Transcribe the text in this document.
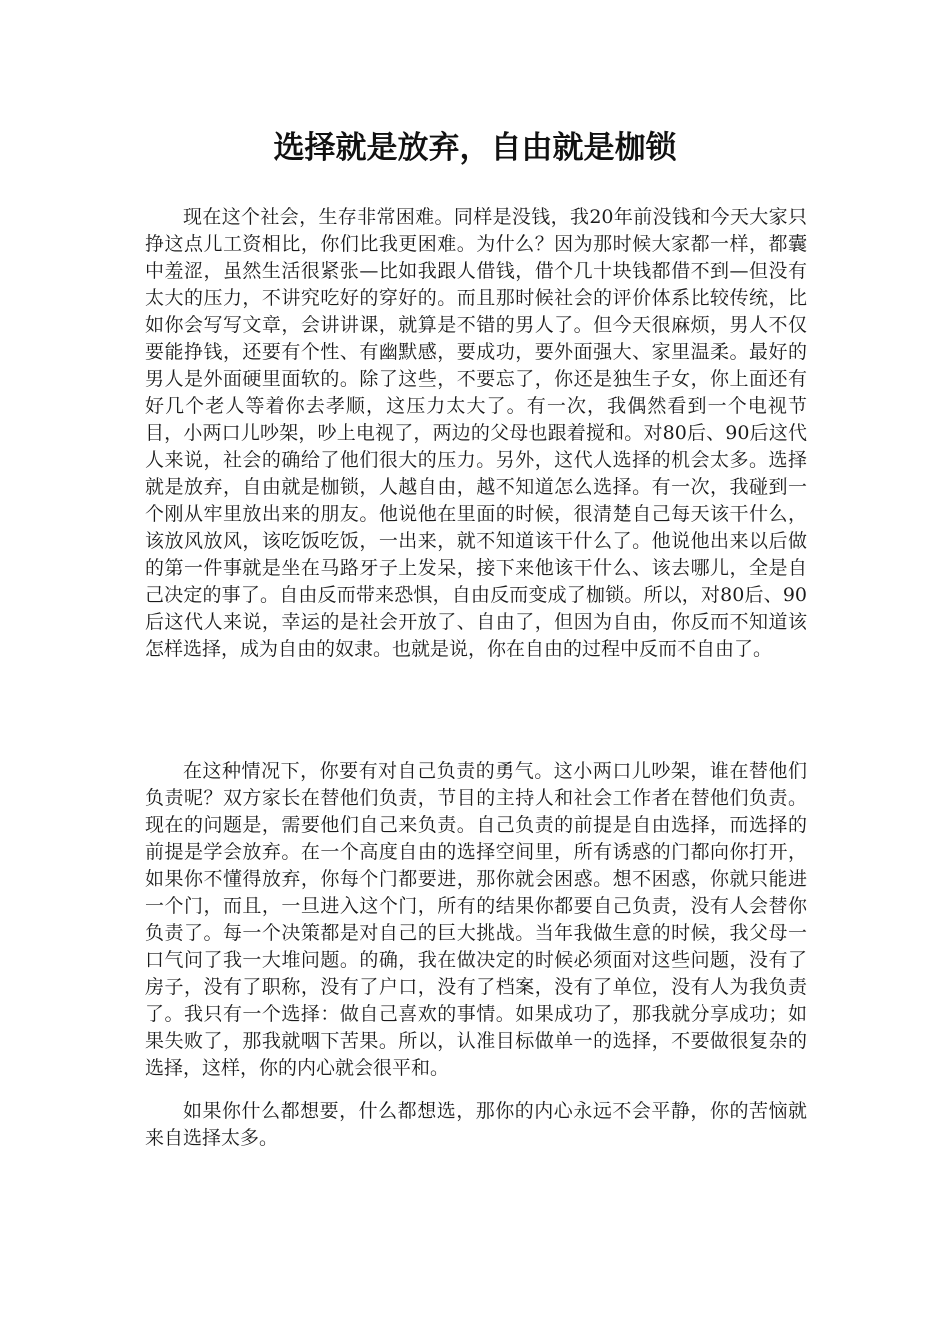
选择就是放弃，自由就是枷锁

现在这个社会，生存非常困难。同样是没钱，我20年前没钱和今天大家只挣这点儿工资相比，你们比我更困难。为什么？因为那时候大家都一样，都囊中羞涩，虽然生活很紧张—比如我跟人借钱，借个几十块钱都借不到—但没有太大的压力，不讲究吃好的穿好的。而且那时候社会的评价体系比较传统，比如你会写写文章，会讲讲课，就算是不错的男人了。但今天很麻烦，男人不仅要能挣钱，还要有个性、有幽默感，要成功，要外面强大、家里温柔。最好的男人是外面硬里面软的。除了这些，不要忘了，你还是独生子女，你上面还有好几个老人等着你去孝顺，这压力太大了。有一次，我偶然看到一个电视节目，小两口儿吵架，吵上电视了，两边的父母也跟着搅和。对80后、90后这代人来说，社会的确给了他们很大的压力。另外，这代人选择的机会太多。选择就是放弃，自由就是枷锁，人越自由，越不知道怎么选择。有一次，我碰到一个刚从牢里放出来的朋友。他说他在里面的时候，很清楚自己每天该干什么，该放风放风，该吃饭吃饭，一出来，就不知道该干什么了。他说他出来以后做的第一件事就是坐在马路牙子上发呆，接下来他该干什么、该去哪儿，全是自己决定的事了。自由反而带来恐惧，自由反而变成了枷锁。所以，对80后、90后这代人来说，幸运的是社会开放了、自由了，但因为自由，你反而不知道该怎样选择，成为自由的奴隶。也就是说，你在自由的过程中反而不自由了。

在这种情况下，你要有对自己负责的勇气。这小两口儿吵架，谁在替他们负责呢？双方家长在替他们负责，节目的主持人和社会工作者在替他们负责。现在的问题是，需要他们自己来负责。自己负责的前提是自由选择，而选择的前提是学会放弃。在一个高度自由的选择空间里，所有诱惑的门都向你打开，如果你不懂得放弃，你每个门都要进，那你就会困惑。想不困惑，你就只能进一个门，而且，一旦进入这个门，所有的结果你都要自己负责，没有人会替你负责了。每一个决策都是对自己的巨大挑战。当年我做生意的时候，我父母一口气问了我一大堆问题。的确，我在做决定的时候必须面对这些问题，没有了房子，没有了职称，没有了户口，没有了档案，没有了单位，没有人为我负责了。我只有一个选择：做自己喜欢的事情。如果成功了，那我就分享成功；如果失败了，那我就咽下苦果。所以，认准目标做单一的选择，不要做很复杂的选择，这样，你的内心就会很平和。

如果你什么都想要，什么都想选，那你的内心永远不会平静，你的苦恼就来自选择太多。
